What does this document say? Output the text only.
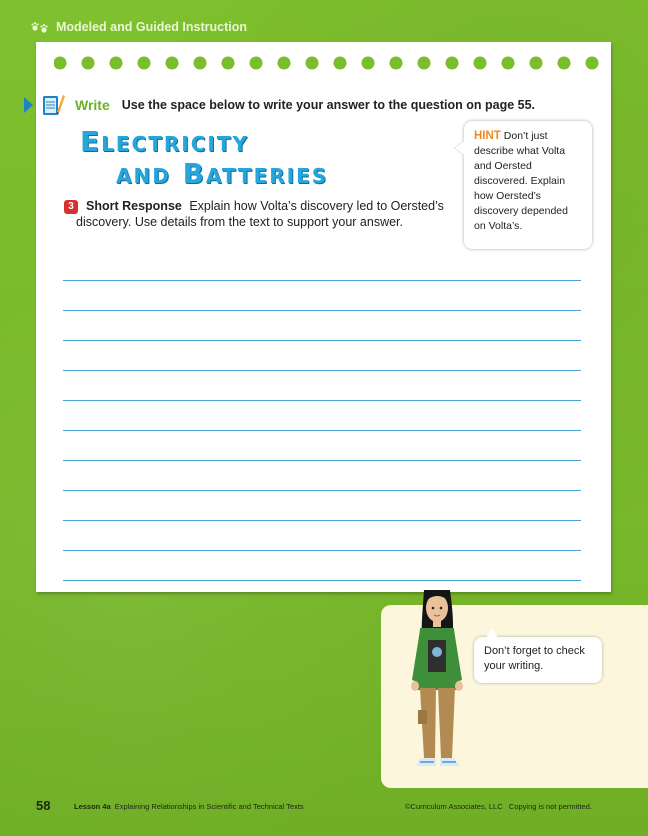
Modeled and Guided Instruction
Write Use the space below to write your answer to the question on page 55.
Electricity
and Batteries
HINT Don’t just describe what Volta and Oersted discovered. Explain how Oersted’s discovery depended on Volta’s.
3 Short Response Explain how Volta’s discovery led to Oersted’s
discovery. Use details from the text to support your answer.
Don’t forget to check your writing.
58	Lesson 4a Explaining Relationships in Scientific and Technical Texts	©Curriculum Associates, LLC Copying is not permitted.
